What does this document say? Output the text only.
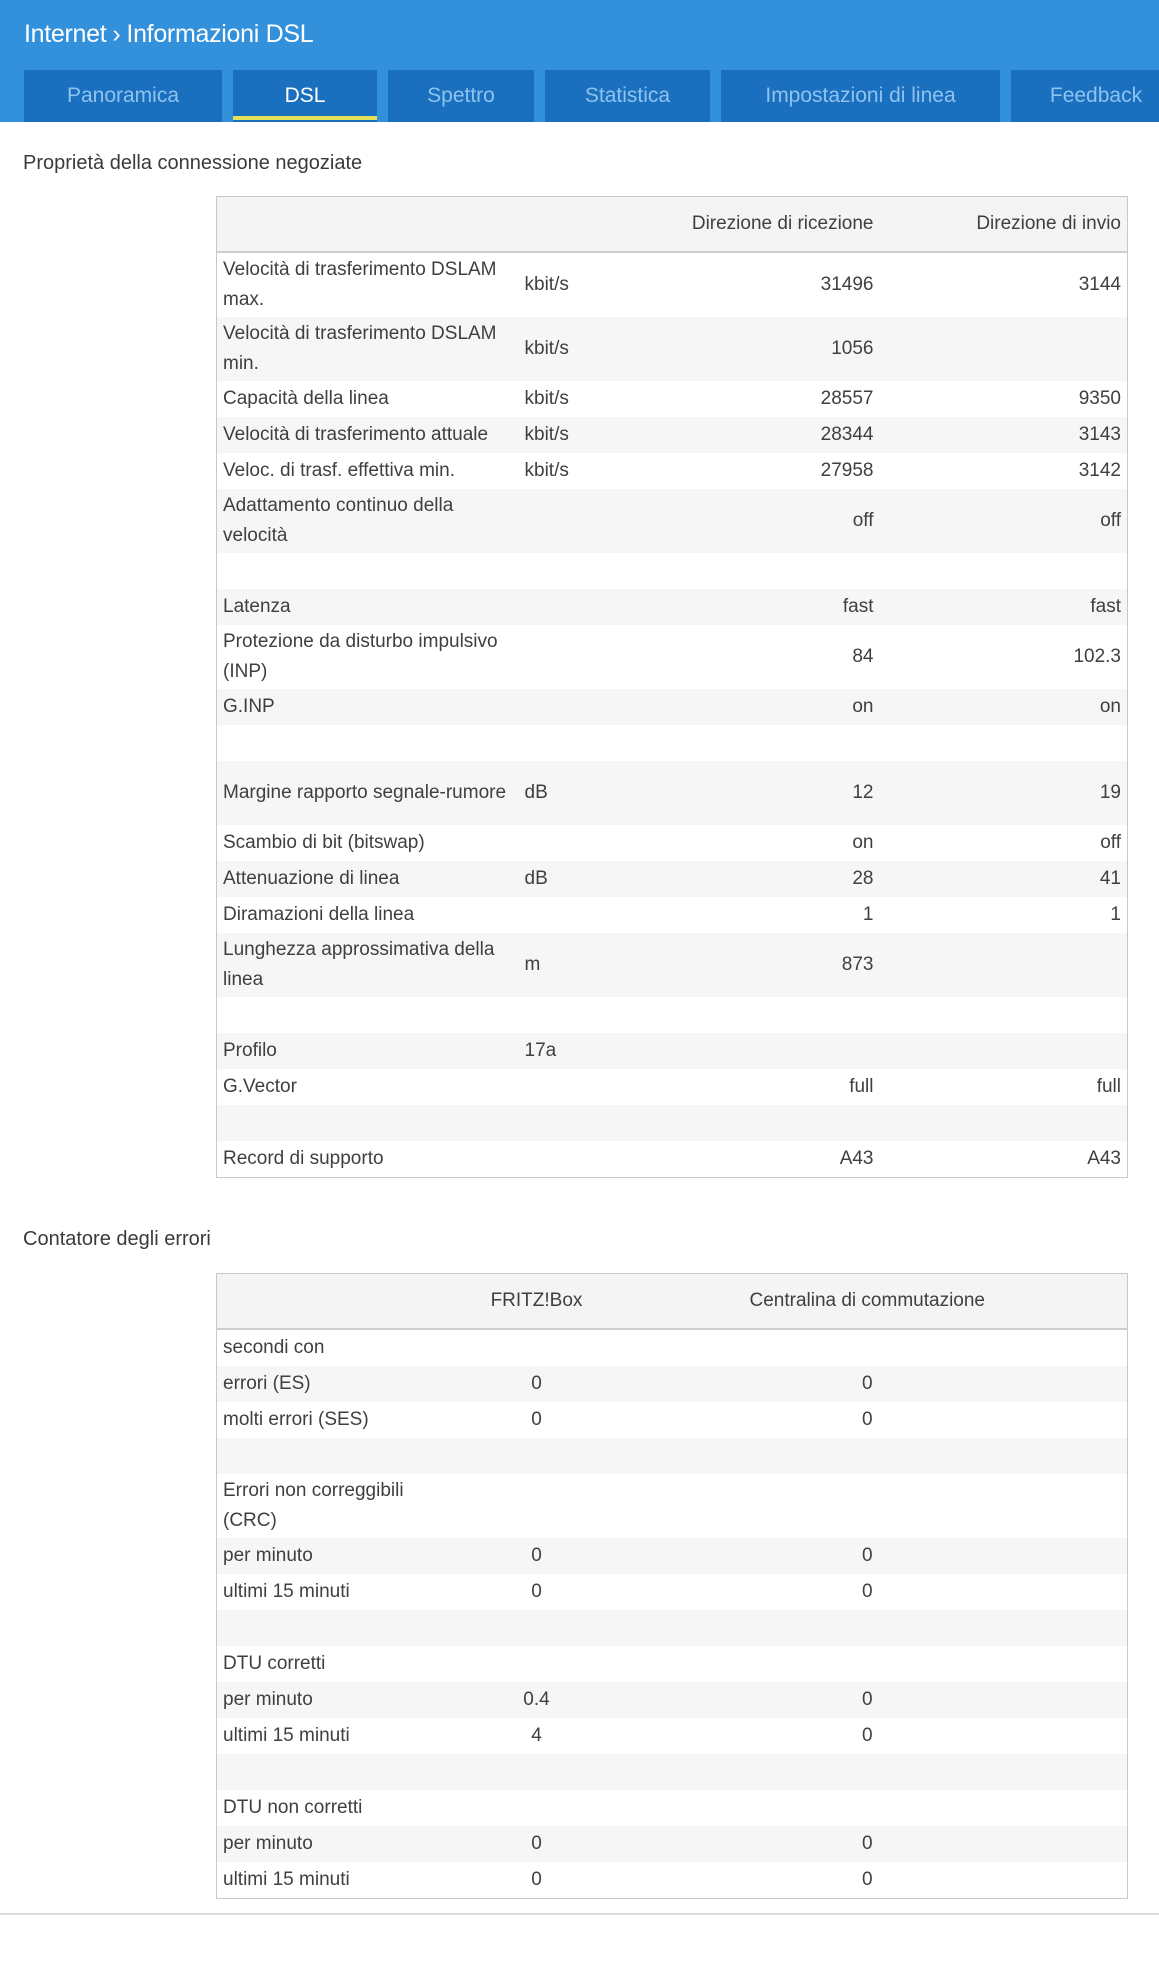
Internet › Informazioni DSL
Panoramica	DSL	Spettro	Statistica	Impostazioni di linea	Feedback
Proprietà della connessione negoziate
		Direzione di ricezione	Direzione di invio
Velocità di trasferimento DSLAM max.	kbit/s	31496	3144
Velocità di trasferimento DSLAM min.	kbit/s	1056	
Capacità della linea	kbit/s	28557	9350
Velocità di trasferimento attuale	kbit/s	28344	3143
Veloc. di trasf. effettiva min.	kbit/s	27958	3142
Adattamento continuo della velocità		off	off

Latenza		fast	fast
Protezione da disturbo impulsivo (INP)		84	102.3
G.INP		on	on

Margine rapporto segnale-rumore	dB	12	19
Scambio di bit (bitswap)		on	off
Attenuazione di linea	dB	28	41
Diramazioni della linea		1	1
Lunghezza approssimativa della linea	m	873	

Profilo	17a		
G.Vector		full	full

Record di supporto		A43	A43
Contatore degli errori
	FRITZ!Box	Centralina di commutazione
secondi con		
errori (ES)	0	0
molti errori (SES)	0	0

Errori non correggibili (CRC)		
per minuto	0	0
ultimi 15 minuti	0	0

DTU corretti		
per minuto	0.4	0
ultimi 15 minuti	4	0

DTU non corretti		
per minuto	0	0
ultimi 15 minuti	0	0
